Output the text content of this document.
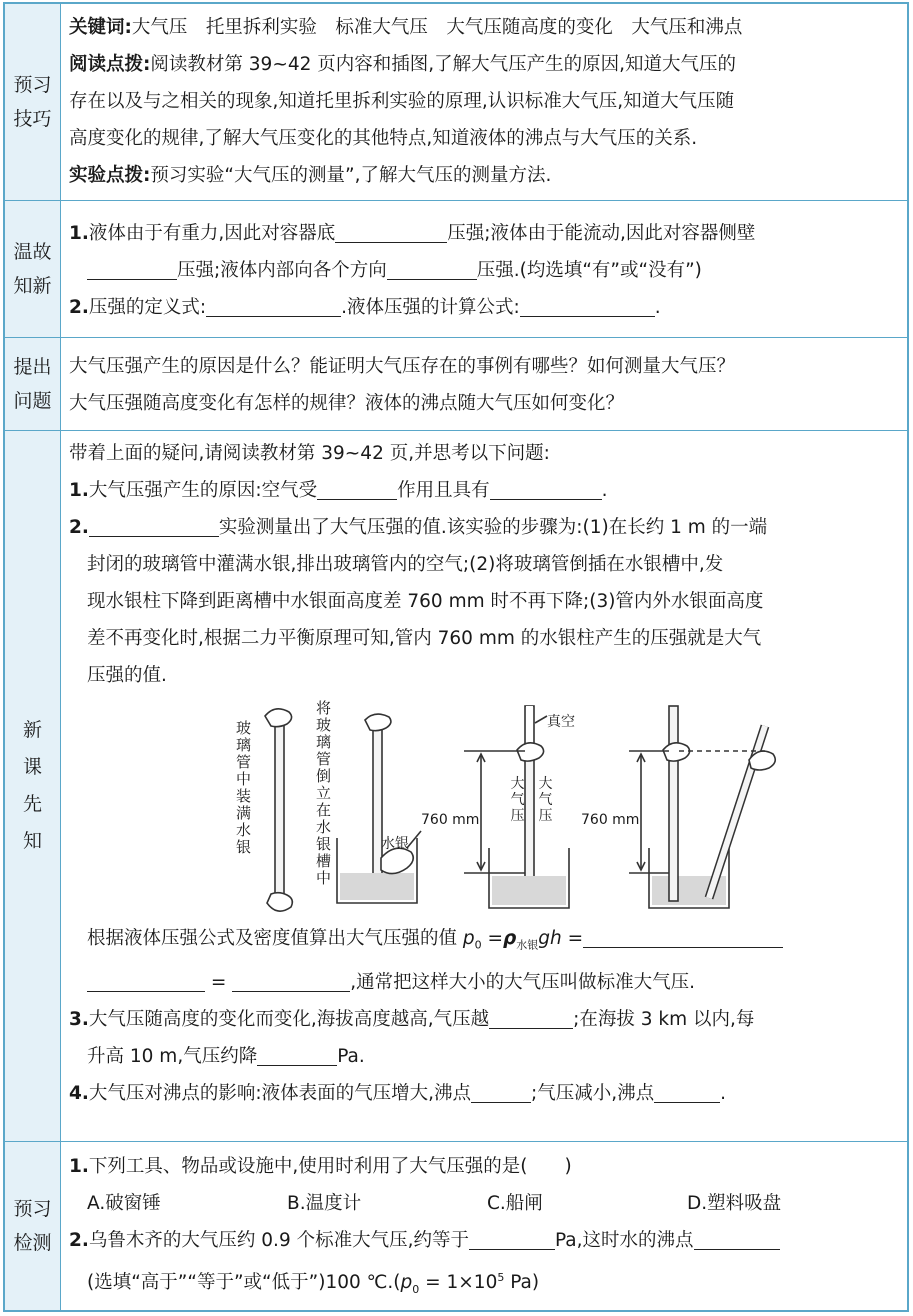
预习技巧
关键词:大气压　托里拆利实验　标准大气压　大气压随高度的变化　大气压和沸点
阅读点拨:阅读教材第 39~42 页内容和插图,了解大气压产生的原因,知道大气压的
存在以及与之相关的现象,知道托里拆利实验的原理,认识标准大气压,知道大气压随
高度变化的规律,了解大气压变化的其他特点,知道液体的沸点与大气压的关系.
实验点拨:预习实验“大气压的测量”,了解大气压的测量方法.
温故知新
1.液体由于有重力,因此对容器底	压强;液体由于能流动,因此对容器侧壁
压强;液体内部向各个方向	压强.(均选填“有”或“没有”)
2.压强的定义式:	.液体压强的计算公式:	.
提出问题
大气压强产生的原因是什么？能证明大气压存在的事例有哪些？如何测量大气压？
大气压强随高度变化有怎样的规律？液体的沸点随大气压如何变化？
新课先知
带着上面的疑问,请阅读教材第 39~42 页,并思考以下问题:
1.大气压强产生的原因:空气受	作用且具有	.
2.	实验测量出了大气压强的值.该实验的步骤为:(1)在长约 1 m 的一端
封闭的玻璃管中灌满水银,排出玻璃管内的空气;(2)将玻璃管倒插在水银槽中,发
现水银柱下降到距离槽中水银面高度差 760 mm 时不再下降;(3)管内外水银面高度
差不再变化时,根据二力平衡原理可知,管内 760 mm 的水银柱产生的压强就是大气
压强的值.
玻璃管中装满水银
将玻璃管倒立在水银槽中
水银
真空
大气压
大气压
760 mm	760 mm
根据液体压强公式及密度值算出大气压强的值 $p_0 =\rho_{水银}gh$ =
=	,通常把这样大小的大气压叫做标准大气压.
3.大气压随高度的变化而变化,海拔高度越高,气压越	;在海拔 3 km 以内,每
升高 10 m,气压约降	Pa.
4.大气压对沸点的影响:液体表面的气压增大,沸点	;气压减小,沸点	.
预习检测
1.下列工具、物品或设施中,使用时利用了大气压强的是(　　)
A.破窗锤	B.温度计	C.船闸	D.塑料吸盘
2.乌鲁木齐的大气压约 0.9 个标准大气压,约等于	Pa,这时水的沸点
(选填“高于”“等于”或“低于”)100 $℃.(p_0 = 1\times 10^5$ Pa)
